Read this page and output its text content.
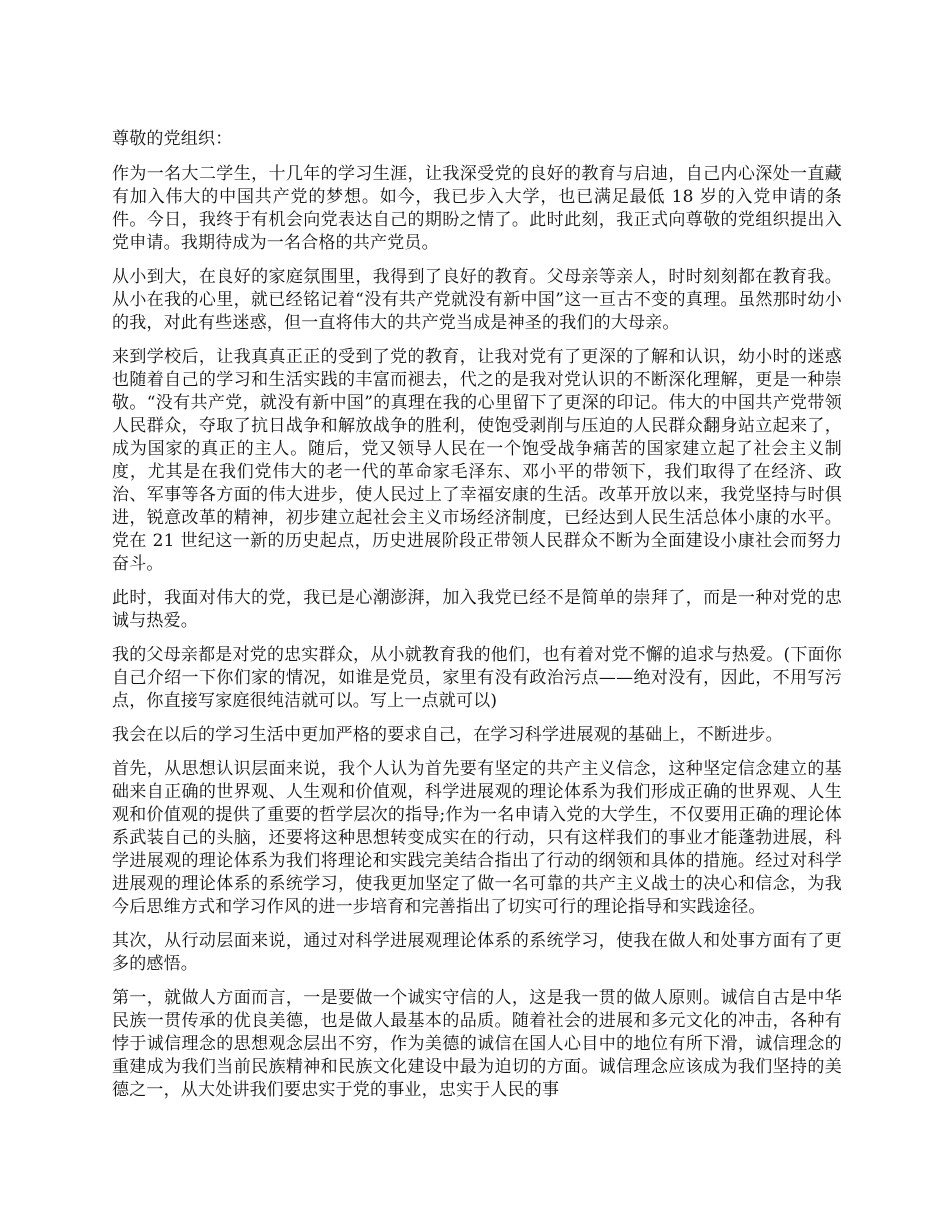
尊敬的党组织：

作为一名大二学生，十几年的学习生涯，让我深受党的良好的教育与启迪，自己内心深处一直藏有加入伟大的中国共产党的梦想。如今，我已步入大学，也已满足最低 18 岁的入党申请的条件。今日，我终于有机会向党表达自己的期盼之情了。此时此刻，我正式向尊敬的党组织提出入党申请。我期待成为一名合格的共产党员。

从小到大，在良好的家庭氛围里，我得到了良好的教育。父母亲等亲人，时时刻刻都在教育我。从小在我的心里，就已经铭记着“没有共产党就没有新中国”这一亘古不变的真理。虽然那时幼小的我，对此有些迷惑，但一直将伟大的共产党当成是神圣的我们的大母亲。

来到学校后，让我真真正正的受到了党的教育，让我对党有了更深的了解和认识，幼小时的迷惑也随着自己的学习和生活实践的丰富而褪去，代之的是我对党认识的不断深化理解，更是一种崇敬。“没有共产党，就没有新中国”的真理在我的心里留下了更深的印记。伟大的中国共产党带领人民群众，夺取了抗日战争和解放战争的胜利，使饱受剥削与压迫的人民群众翻身站立起来了，成为国家的真正的主人。随后，党又领导人民在一个饱受战争痛苦的国家建立起了社会主义制度，尤其是在我们党伟大的老一代的革命家毛泽东、邓小平的带领下，我们取得了在经济、政治、军事等各方面的伟大进步，使人民过上了幸福安康的生活。改革开放以来，我党坚持与时俱进，锐意改革的精神，初步建立起社会主义市场经济制度，已经达到人民生活总体小康的水平。党在 21 世纪这一新的历史起点，历史进展阶段正带领人民群众不断为全面建设小康社会而努力奋斗。

此时，我面对伟大的党，我已是心潮澎湃，加入我党已经不是简单的崇拜了，而是一种对党的忠诚与热爱。

我的父母亲都是对党的忠实群众，从小就教育我的他们，也有着对党不懈的追求与热爱。(下面你自己介绍一下你们家的情况，如谁是党员，家里有没有政治污点——绝对没有，因此，不用写污点，你直接写家庭很纯洁就可以。写上一点就可以)

我会在以后的学习生活中更加严格的要求自己，在学习科学进展观的基础上，不断进步。

首先，从思想认识层面来说，我个人认为首先要有坚定的共产主义信念，这种坚定信念建立的基础来自正确的世界观、人生观和价值观，科学进展观的理论体系为我们形成正确的世界观、人生观和价值观的提供了重要的哲学层次的指导;作为一名申请入党的大学生，不仅要用正确的理论体系武装自己的头脑，还要将这种思想转变成实在的行动，只有这样我们的事业才能蓬勃进展，科学进展观的理论体系为我们将理论和实践完美结合指出了行动的纲领和具体的措施。经过对科学进展观的理论体系的系统学习，使我更加坚定了做一名可靠的共产主义战士的决心和信念，为我今后思维方式和学习作风的进一步培育和完善指出了切实可行的理论指导和实践途径。

其次，从行动层面来说，通过对科学进展观理论体系的系统学习，使我在做人和处事方面有了更多的感悟。

第一，就做人方面而言，一是要做一个诚实守信的人，这是我一贯的做人原则。诚信自古是中华民族一贯传承的优良美德，也是做人最基本的品质。随着社会的进展和多元文化的冲击，各种有悖于诚信理念的思想观念层出不穷，作为美德的诚信在国人心目中的地位有所下滑，诚信理念的重建成为我们当前民族精神和民族文化建设中最为迫切的方面。诚信理念应该成为我们坚持的美德之一，从大处讲我们要忠实于党的事业，忠实于人民的事
